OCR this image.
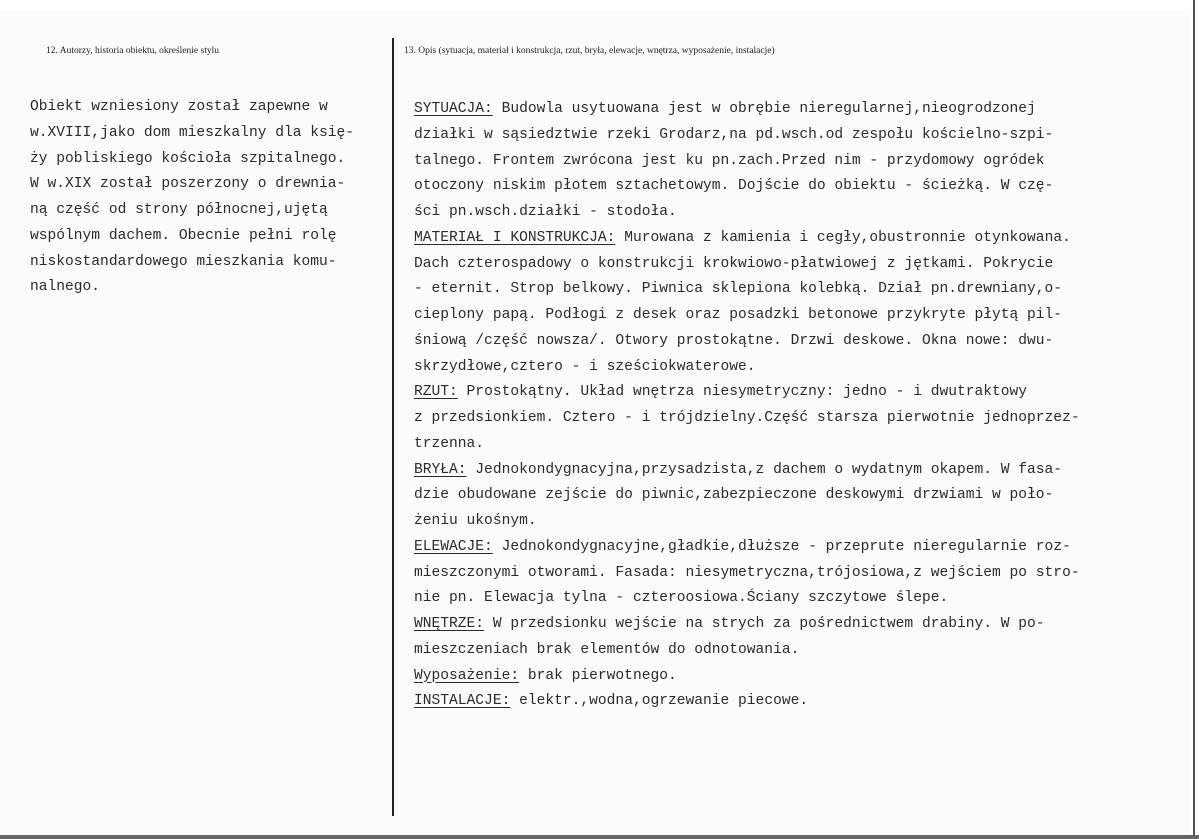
12. Autorzy, historia obiektu, określenie stylu	13. Opis (sytuacja, materiał i konstrukcja, rzut, bryła, elewacje, wnętrza, wyposażenie, instalacje)
Obiekt wzniesiony został zapewne w
w.XVIII,jako dom mieszkalny dla księ-
ży pobliskiego kościoła szpitalnego.
W w.XIX został poszerzony o drewnia-
ną część od strony północnej,ujętą
wspólnym dachem. Obecnie pełni rolę
niskostandardowego mieszkania komu-
nalnego.
SYTUACJA: Budowla usytuowana jest w obrębie nieregularnej,nieogrodzonej
działki w sąsiedztwie rzeki Grodarz,na pd.wsch.od zespołu kościelno-szpi-
talnego. Frontem zwrócona jest ku pn.zach.Przed nim - przydomowy ogródek
otoczony niskim płotem sztachetowym. Dojście do obiektu - ścieżką. W czę-
ści pn.wsch.działki - stodoła.
MATERIAŁ I KONSTRUKCJA: Murowana z kamienia i cegły,obustronnie otynkowana.
Dach czterospadowy o konstrukcji krokwiowo-płatwiowej z jętkami. Pokrycie
- eternit. Strop belkowy. Piwnica sklepiona kolebką. Dział pn.drewniany,o-
cieplony papą. Podłogi z desek oraz posadzki betonowe przykryte płytą pil-
śniową /część nowsza/. Otwory prostokątne. Drzwi deskowe. Okna nowe: dwu-
skrzydłowe,cztero - i sześciokwaterowe.
RZUT: Prostokątny. Układ wnętrza niesymetryczny: jedno - i dwutraktowy
z przedsionkiem. Cztero - i trójdzielny.Część starsza pierwotnie jednoprzez-
trzenna.
BRYŁA: Jednokondygnacyjna,przysadzista,z dachem o wydatnym okapem. W fasa-
dzie obudowane zejście do piwnic,zabezpieczone deskowymi drzwiami w poło-
żeniu ukośnym.
ELEWACJE: Jednokondygnacyjne,gładkie,dłuższe - przeprute nieregularnie roz-
mieszczonymi otworami. Fasada: niesymetryczna,trójosiowa,z wejściem po stro-
nie pn. Elewacja tylna - czteroosiowa.Ściany szczytowe ślepe.
WNĘTRZE: W przedsionku wejście na strych za pośrednictwem drabiny. W po-
mieszczeniach brak elementów do odnotowania.
Wyposażenie: brak pierwotnego.
INSTALACJE: elektr.,wodna,ogrzewanie piecowe.
